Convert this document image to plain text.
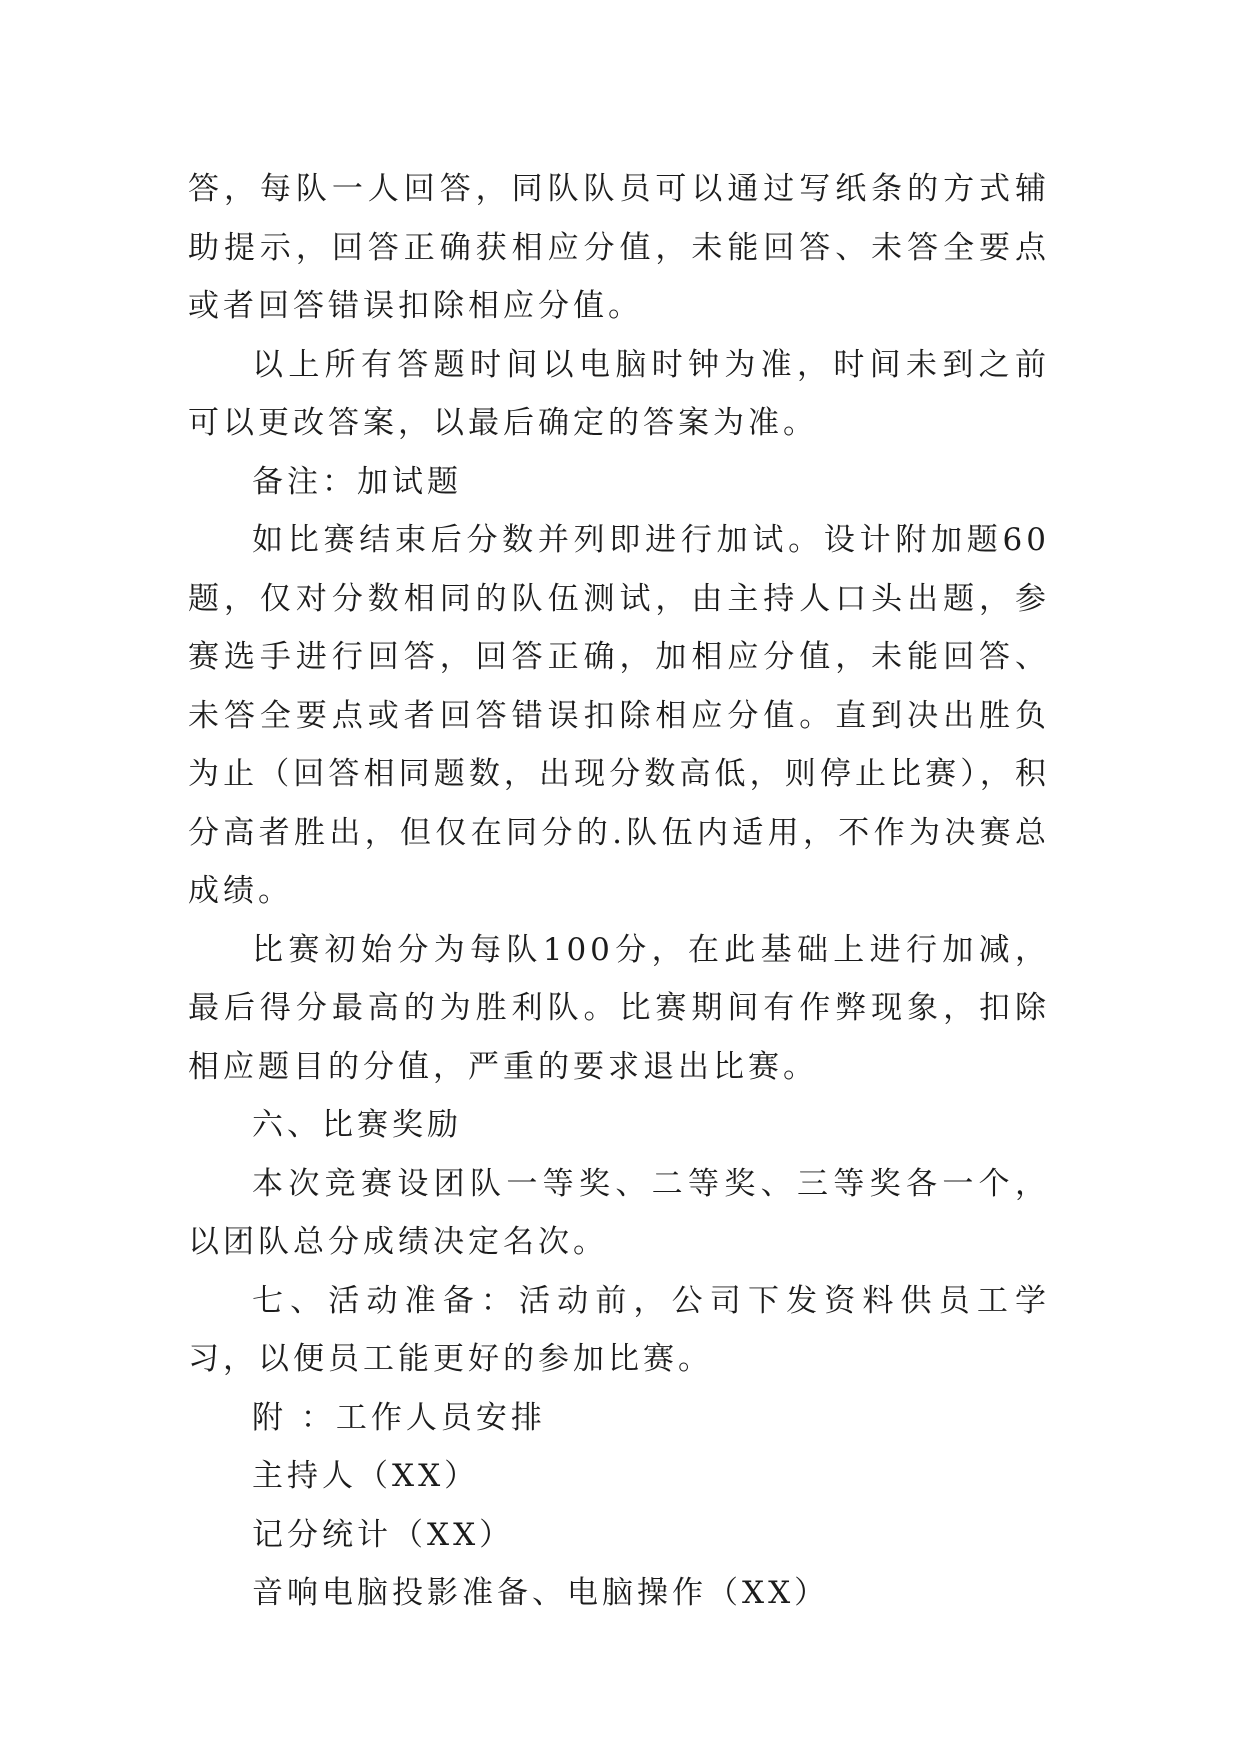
答，每队一人回答，同队队员可以通过写纸条的方式辅助提示，回答正确获相应分值，未能回答、未答全要点或者回答错误扣除相应分值。

以上所有答题时间以电脑时钟为准，时间未到之前可以更改答案，以最后确定的答案为准。

备注：加试题

如比赛结束后分数并列即进行加试。设计附加题60题，仅对分数相同的队伍测试，由主持人口头出题，参赛选手进行回答，回答正确，加相应分值，未能回答、未答全要点或者回答错误扣除相应分值。直到决出胜负为止（回答相同题数，出现分数高低，则停止比赛），积分高者胜出，但仅在同分的.队伍内适用，不作为决赛总成绩。

比赛初始分为每队100分，在此基础上进行加减，最后得分最高的为胜利队。比赛期间有作弊现象，扣除相应题目的分值，严重的要求退出比赛。

六、比赛奖励

本次竞赛设团队一等奖、二等奖、三等奖各一个，以团队总分成绩决定名次。

七、活动准备：活动前，公司下发资料供员工学习，以便员工能更好的参加比赛。

附 ：工作人员安排

主持人（XX）

记分统计（XX）

音响电脑投影准备、电脑操作（XX）
